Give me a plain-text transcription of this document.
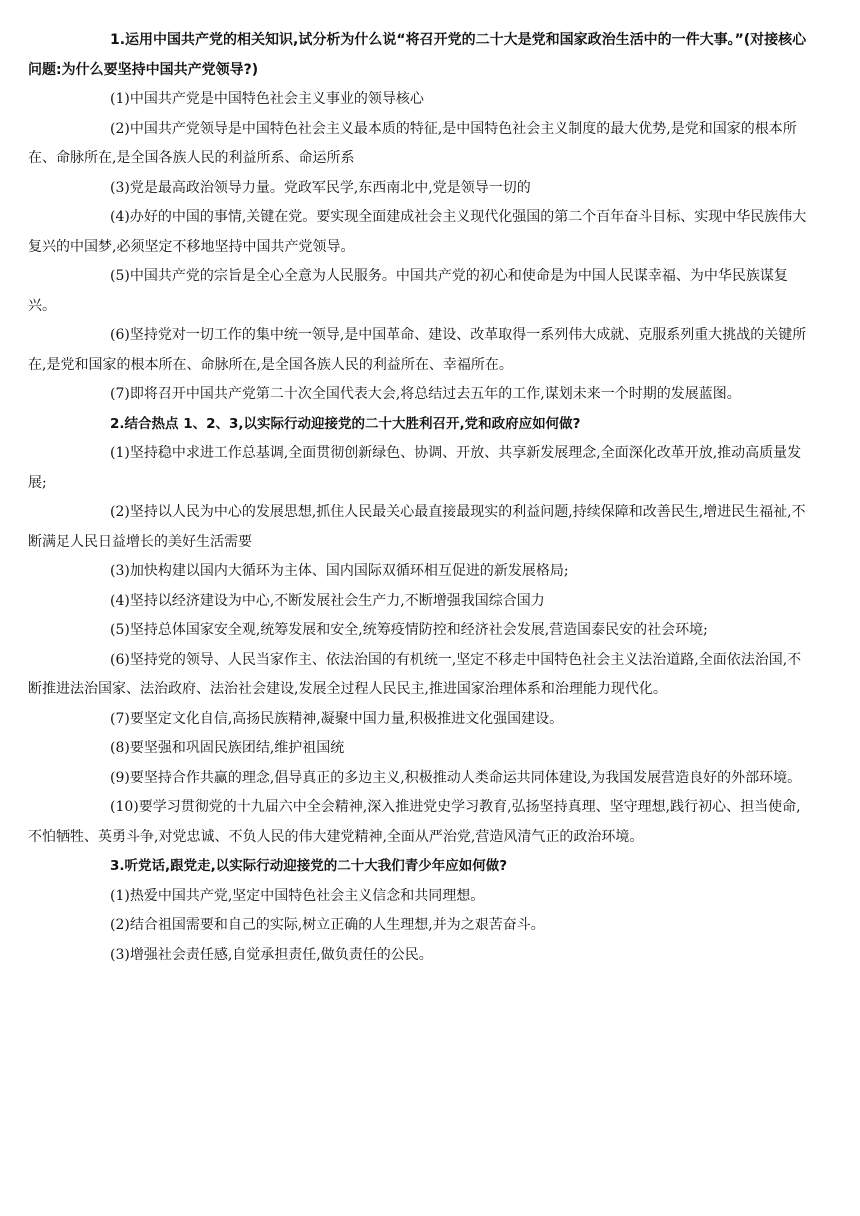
1.运用中国共产党的相关知识,试分析为什么说“将召开党的二十大是党和国家政治生活中的一件大事。”(对接核心问题:为什么要坚持中国共产党领导?)

(1)中国共产党是中国特色社会主义事业的领导核心

(2)中国共产党领导是中国特色社会主义最本质的特征,是中国特色社会主义制度的最大优势,是党和国家的根本所在、命脉所在,是全国各族人民的利益所系、命运所系

(3)党是最高政治领导力量。党政军民学,东西南北中,党是领导一切的

(4)办好的中国的事情,关键在党。要实现全面建成社会主义现代化强国的第二个百年奋斗目标、实现中华民族伟大复兴的中国梦,必须坚定不移地坚持中国共产党领导。

(5)中国共产党的宗旨是全心全意为人民服务。中国共产党的初心和使命是为中国人民谋幸福、为中华民族谋复兴。

(6)坚持党对一切工作的集中统一领导,是中国革命、建设、改革取得一系列伟大成就、克服系列重大挑战的关键所在,是党和国家的根本所在、命脉所在,是全国各族人民的利益所在、幸福所在。

(7)即将召开中国共产党第二十次全国代表大会,将总结过去五年的工作,谋划未来一个时期的发展蓝图。

2.结合热点 1、2、3,以实际行动迎接党的二十大胜利召开,党和政府应如何做?

(1)坚持稳中求进工作总基调,全面贯彻创新绿色、协调、开放、共享新发展理念,全面深化改革开放,推动高质量发展;

(2)坚持以人民为中心的发展思想,抓住人民最关心最直接最现实的利益问题,持续保障和改善民生,增进民生福祉,不断满足人民日益增长的美好生活需要

(3)加快构建以国内大循环为主体、国内国际双循环相互促进的新发展格局;

(4)坚持以经济建设为中心,不断发展社会生产力,不断增强我国综合国力

(5)坚持总体国家安全观,统筹发展和安全,统筹疫情防控和经济社会发展,营造国泰民安的社会环境;

(6)坚持党的领导、人民当家作主、依法治国的有机统一,坚定不移走中国特色社会主义法治道路,全面依法治国,不断推进法治国家、法治政府、法治社会建设,发展全过程人民民主,推进国家治理体系和治理能力现代化。

(7)要坚定文化自信,高扬民族精神,凝聚中国力量,积极推进文化强国建设。

(8)要坚强和巩固民族团结,维护祖国统

(9)要坚持合作共赢的理念,倡导真正的多边主义,积极推动人类命运共同体建设,为我国发展营造良好的外部环境。

(10)要学习贯彻党的十九届六中全会精神,深入推进党史学习教育,弘扬坚持真理、坚守理想,践行初心、担当使命,不怕牺牲、英勇斗争,对党忠诚、不负人民的伟大建党精神,全面从严治党,营造风清气正的政治环境。

3.听党话,跟党走,以实际行动迎接党的二十大我们青少年应如何做?

(1)热爱中国共产党,坚定中国特色社会主义信念和共同理想。

(2)结合祖国需要和自己的实际,树立正确的人生理想,并为之艰苦奋斗。

(3)增强社会责任感,自觉承担责任,做负责任的公民。
